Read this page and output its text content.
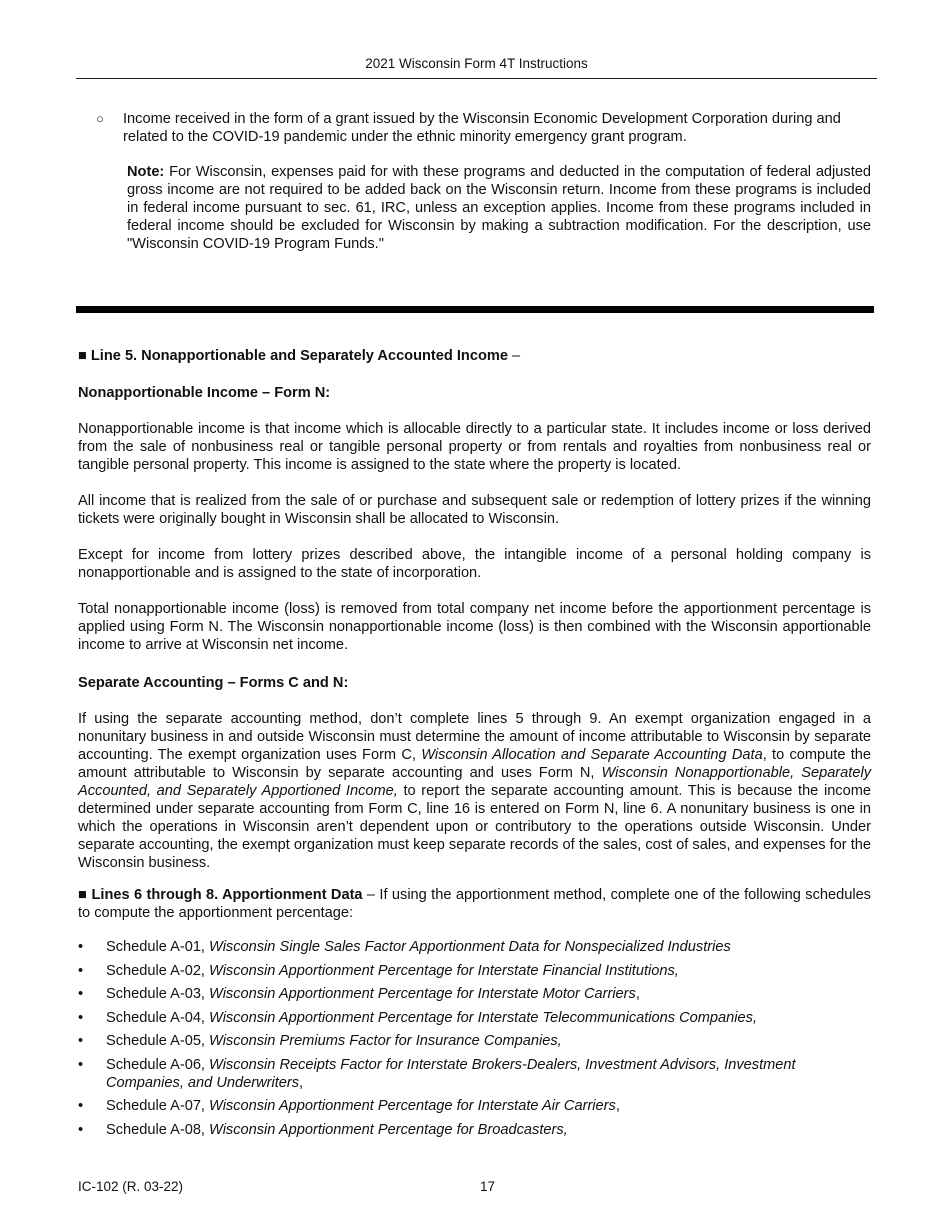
2021 Wisconsin Form 4T Instructions
○ Income received in the form of a grant issued by the Wisconsin Economic Development Corporation during and related to the COVID-19 pandemic under the ethnic minority emergency grant program.
Note: For Wisconsin, expenses paid for with these programs and deducted in the computation of federal adjusted gross income are not required to be added back on the Wisconsin return. Income from these programs is included in federal income pursuant to sec. 61, IRC, unless an exception applies. Income from these programs included in federal income should be excluded for Wisconsin by making a subtraction modification. For the description, use "Wisconsin COVID-19 Program Funds."
■ Line 5. Nonapportionable and Separately Accounted Income –
Nonapportionable Income – Form N:
Nonapportionable income is that income which is allocable directly to a particular state. It includes income or loss derived from the sale of nonbusiness real or tangible personal property or from rentals and royalties from nonbusiness real or tangible personal property. This income is assigned to the state where the property is located.
All income that is realized from the sale of or purchase and subsequent sale or redemption of lottery prizes if the winning tickets were originally bought in Wisconsin shall be allocated to Wisconsin.
Except for income from lottery prizes described above, the intangible income of a personal holding company is nonapportionable and is assigned to the state of incorporation.
Total nonapportionable income (loss) is removed from total company net income before the apportionment percentage is applied using Form N. The Wisconsin nonapportionable income (loss) is then combined with the Wisconsin apportionable income to arrive at Wisconsin net income.
Separate Accounting – Forms C and N:
If using the separate accounting method, don’t complete lines 5 through 9. An exempt organization engaged in a nonunitary business in and outside Wisconsin must determine the amount of income attributable to Wisconsin by separate accounting. The exempt organization uses Form C, Wisconsin Allocation and Separate Accounting Data, to compute the amount attributable to Wisconsin by separate accounting and uses Form N, Wisconsin Nonapportionable, Separately Accounted, and Separately Apportioned Income, to report the separate accounting amount. This is because the income determined under separate accounting from Form C, line 16 is entered on Form N, line 6. A nonunitary business is one in which the operations in Wisconsin aren’t dependent upon or contributory to the operations outside Wisconsin. Under separate accounting, the exempt organization must keep separate records of the sales, cost of sales, and expenses for the Wisconsin business.
■ Lines 6 through 8. Apportionment Data – If using the apportionment method, complete one of the following schedules to compute the apportionment percentage:
• Schedule A-01, Wisconsin Single Sales Factor Apportionment Data for Nonspecialized Industries
• Schedule A-02, Wisconsin Apportionment Percentage for Interstate Financial Institutions,
• Schedule A-03, Wisconsin Apportionment Percentage for Interstate Motor Carriers,
• Schedule A-04, Wisconsin Apportionment Percentage for Interstate Telecommunications Companies,
• Schedule A-05, Wisconsin Premiums Factor for Insurance Companies,
• Schedule A-06, Wisconsin Receipts Factor for Interstate Brokers-Dealers, Investment Advisors, Investment Companies, and Underwriters,
• Schedule A-07, Wisconsin Apportionment Percentage for Interstate Air Carriers,
• Schedule A-08, Wisconsin Apportionment Percentage for Broadcasters,
IC-102 (R. 03-22)	17
